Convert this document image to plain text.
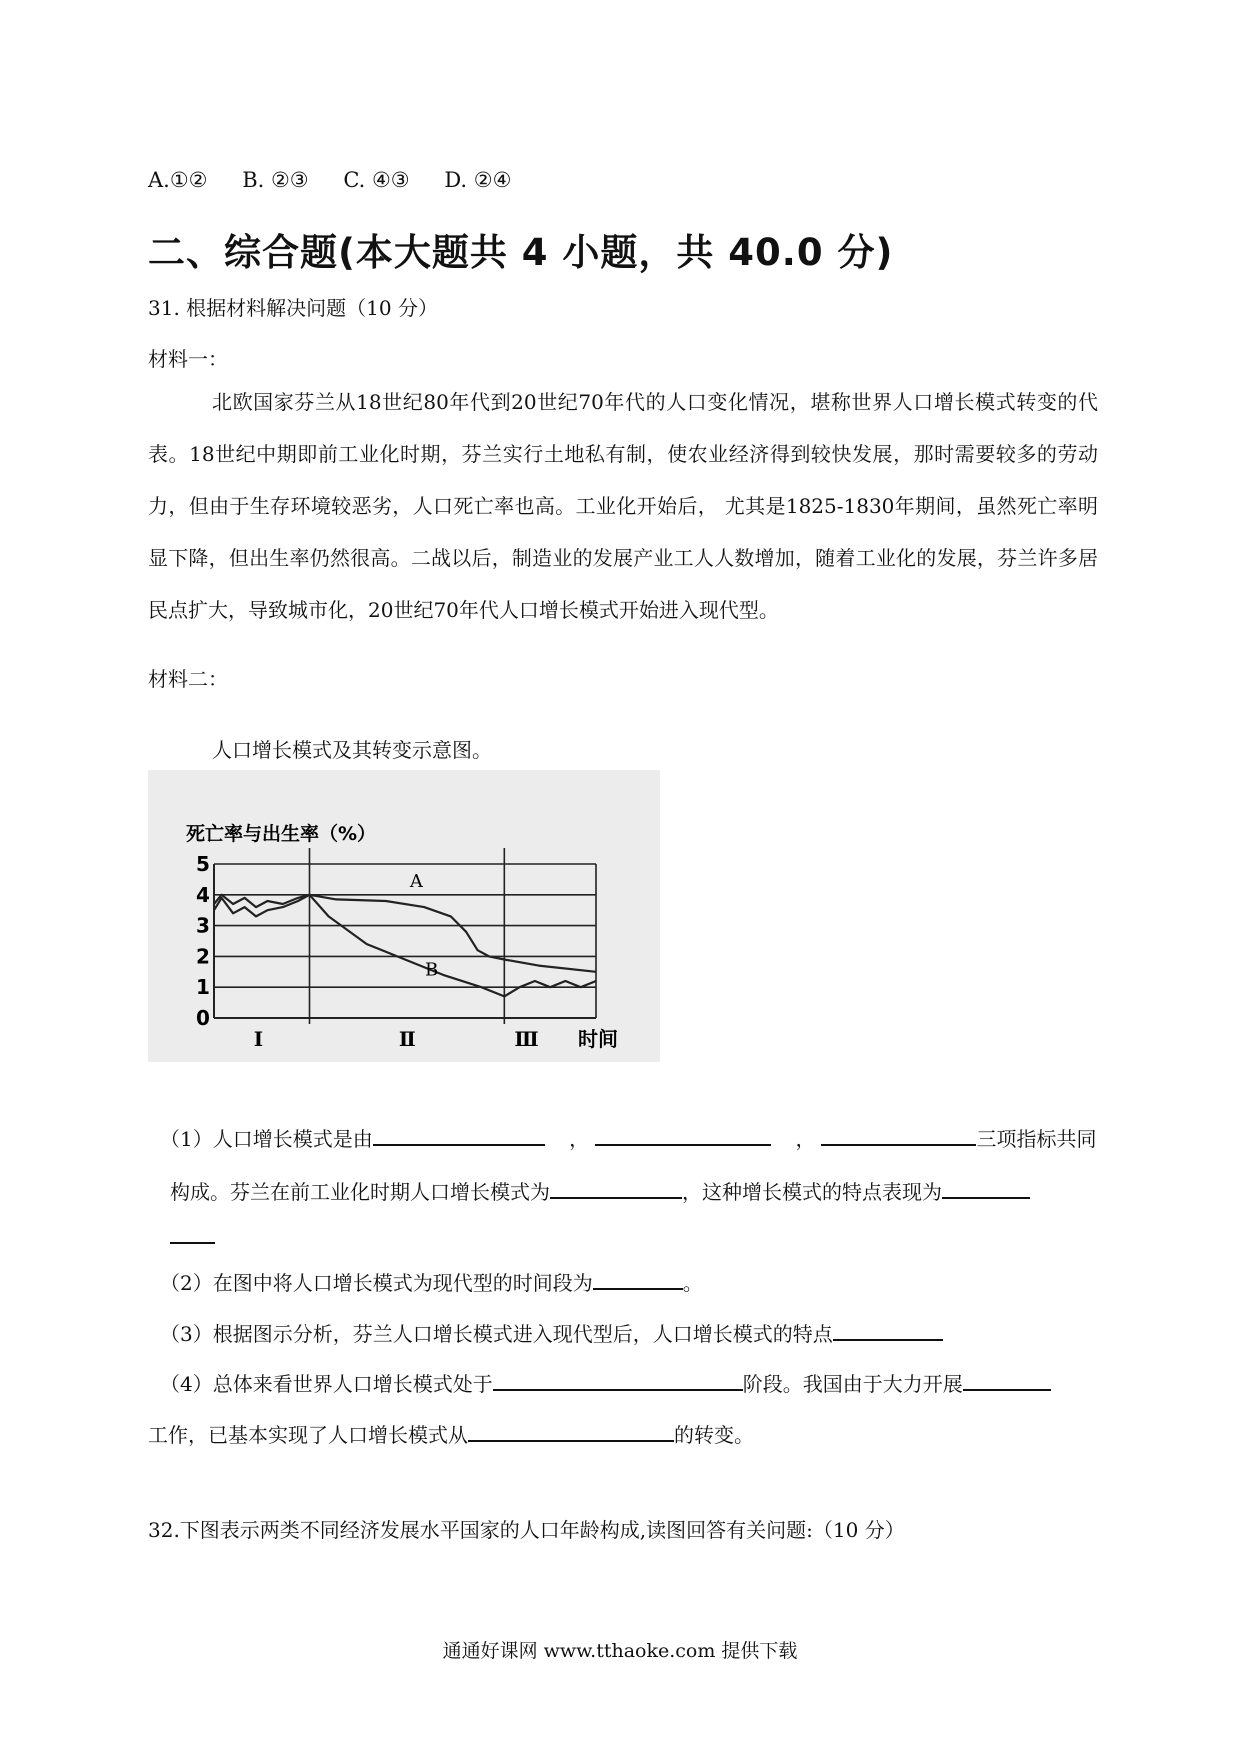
A.①② B. ②③ C. ④③ D. ②④
二、综合题(本大题共 4 小题，共 40.0 分)
31. 根据材料解决问题（10 分）
材料一：
北欧国家芬兰从18世纪80年代到20世纪70年代的人口变化情况，堪称世界人口增长模式转变的代表。18世纪中期即前工业化时期，芬兰实行土地私有制，使农业经济得到较快发展，那时需要较多的劳动力，但由于生存环境较恶劣，人口死亡率也高。工业化开始后， 尤其是1825-1830年期间，虽然死亡率明显下降，但出生率仍然很高。二战以后，制造业的发展产业工人人数增加，随着工业化的发展，芬兰许多居民点扩大，导致城市化，20世纪70年代人口增长模式开始进入现代型。
材料二：
人口增长模式及其转变示意图。
死亡率与出生率（%）
0
1
2
3
4
5
Ⅰ	Ⅱ	Ⅲ
A
B
时间
（1）人口增长模式是由	，	，	三项指标共同
构成。芬兰在前工业化时期人口增长模式为	，这种增长模式的特点表现为
（2）在图中将人口增长模式为现代型的时间段为	。
（3）根据图示分析，芬兰人口增长模式进入现代型后，人口增长模式的特点
（4）总体来看世界人口增长模式处于	阶段。我国由于大力开展
工作，已基本实现了人口增长模式从	的转变。
32.下图表示两类不同经济发展水平国家的人口年龄构成,读图回答有关问题:（10 分）
通通好课网 www.tthaoke.com 提供下载
